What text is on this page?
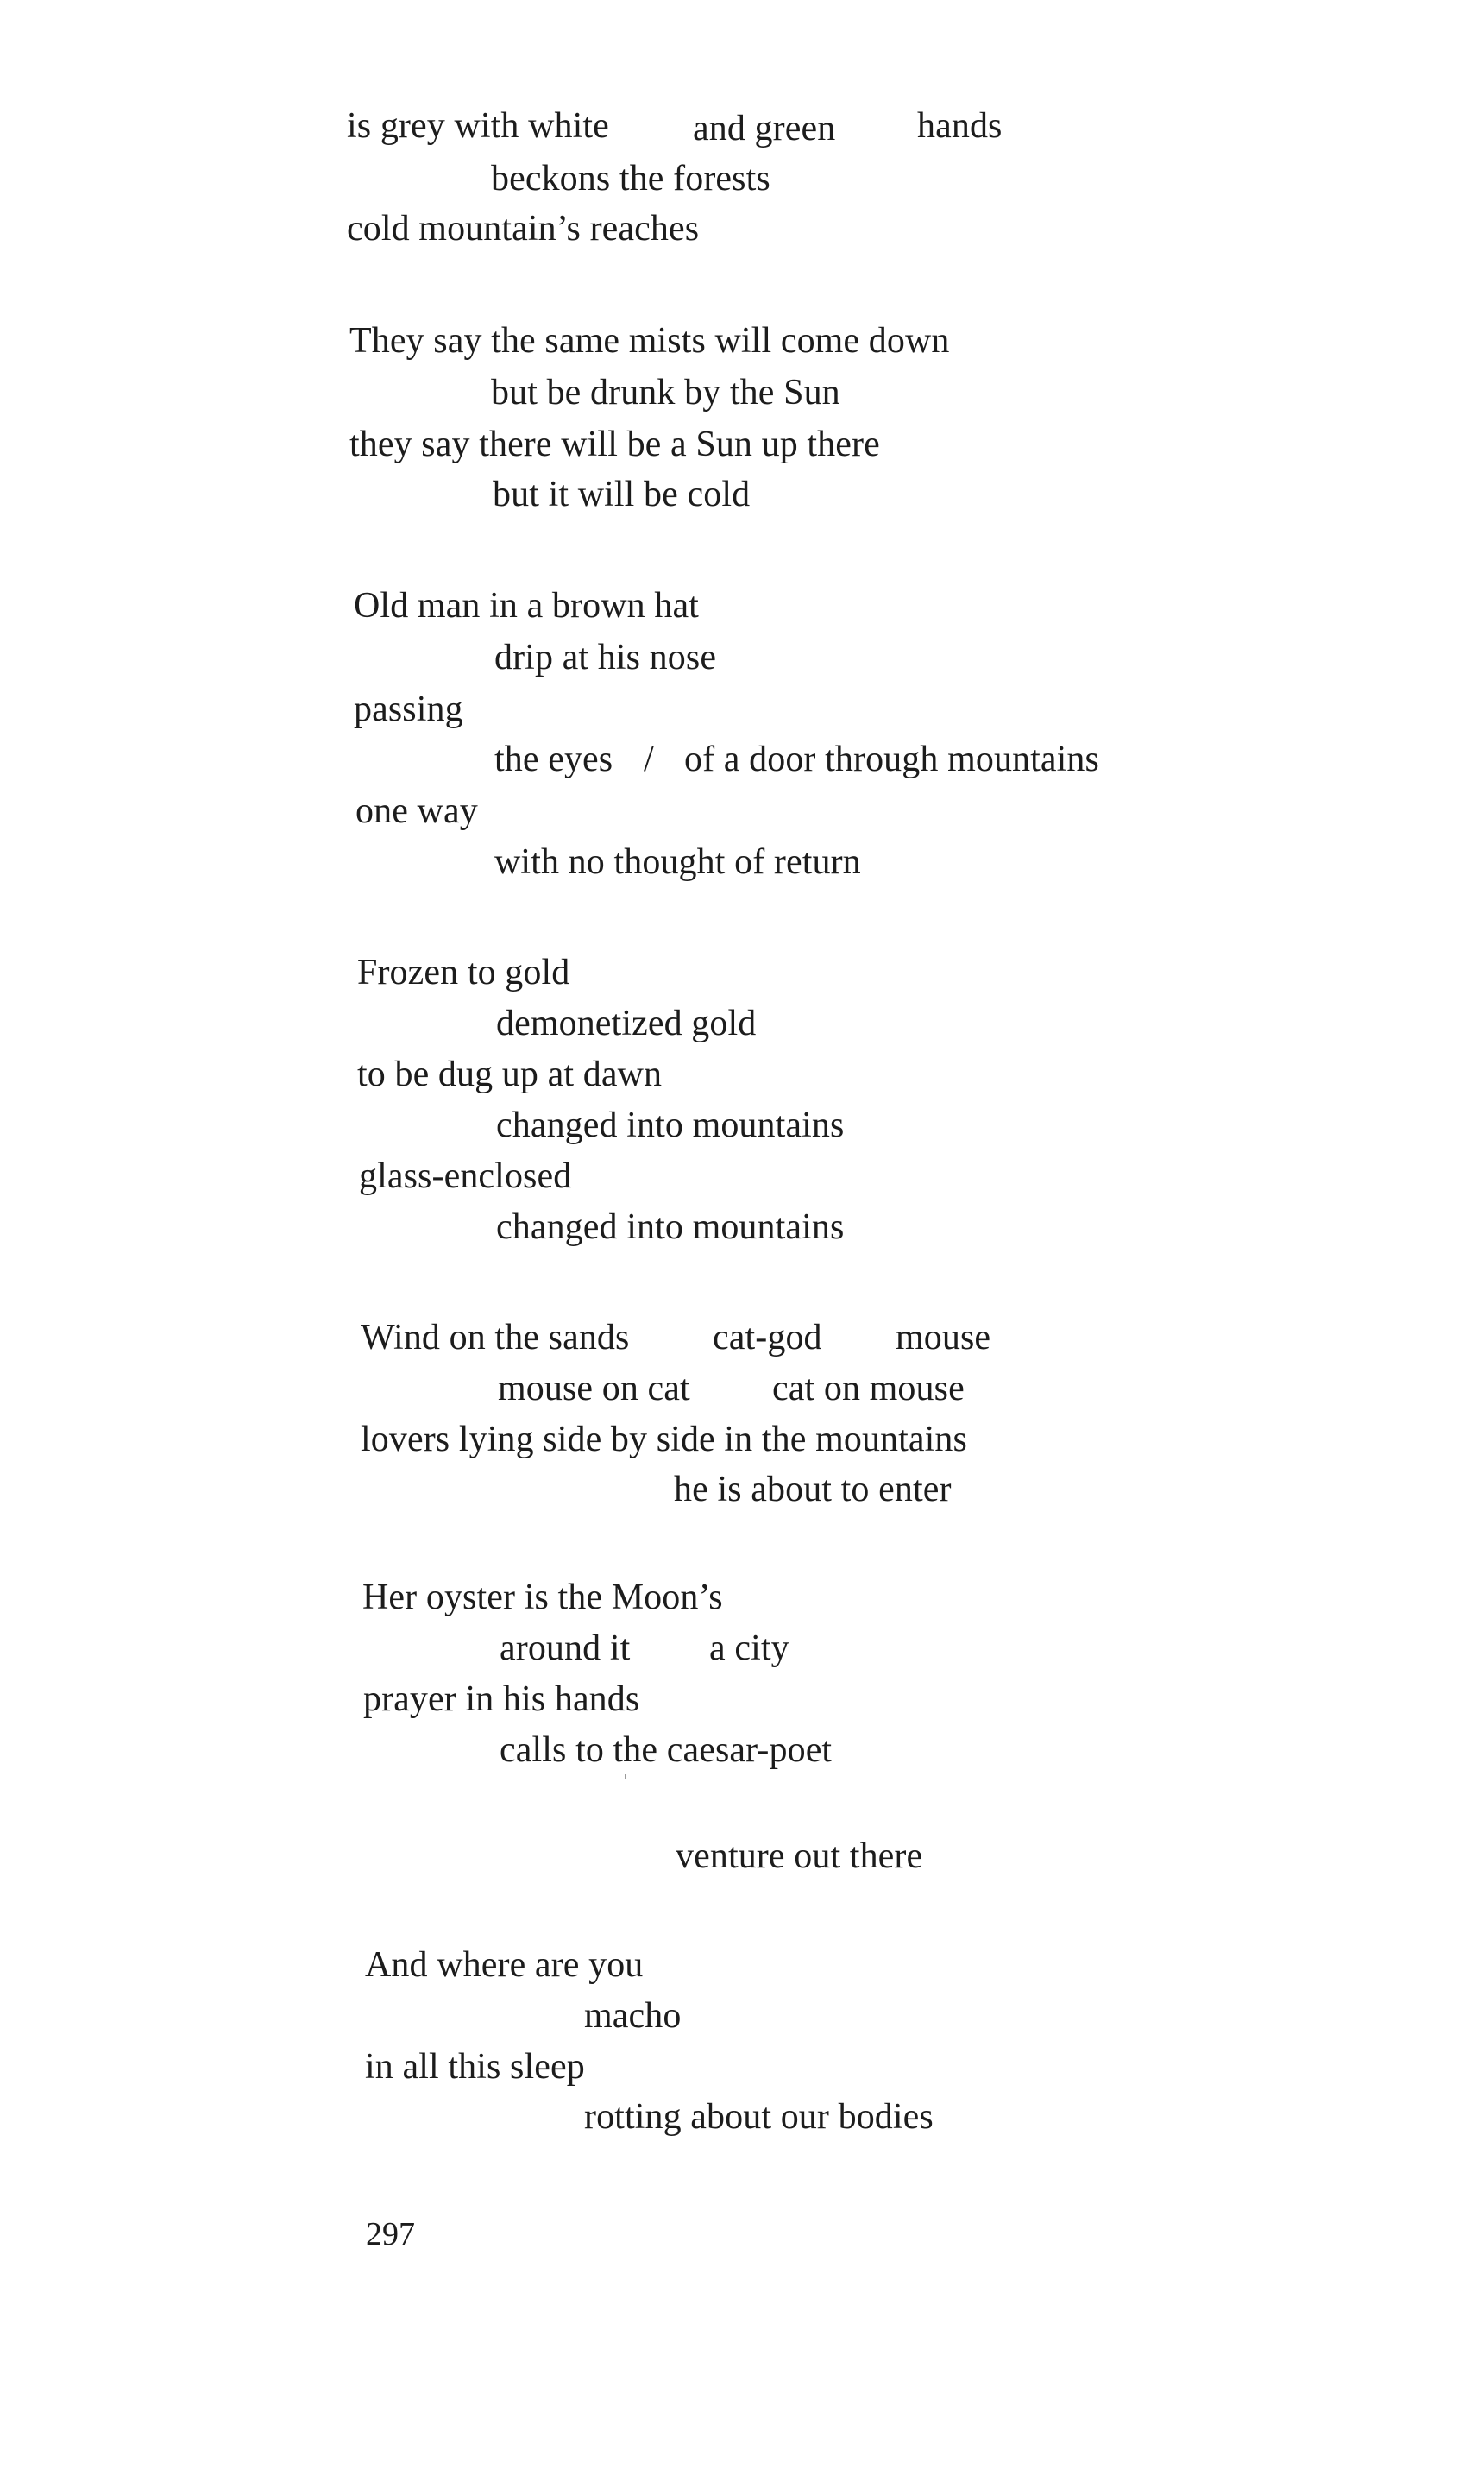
is grey with white and green hands
beckons the forests
cold mountain’s reaches
They say the same mists will come down
but be drunk by the Sun
they say there will be a Sun up there
but it will be cold
Old man in a brown hat
drip at his nose
passing
the eyes / of a door through mountains
one way
with no thought of return
Frozen to gold
demonetized gold
to be dug up at dawn
changed into mountains
glass-enclosed
changed into mountains
Wind on the sands cat-god mouse
mouse on cat cat on mouse
lovers lying side by side in the mountains
he is about to enter
Her oyster is the Moon’s
around it a city
prayer in his hands
calls to the caesar-poet
venture out there
And where are you
macho
in all this sleep
rotting about our bodies
297
